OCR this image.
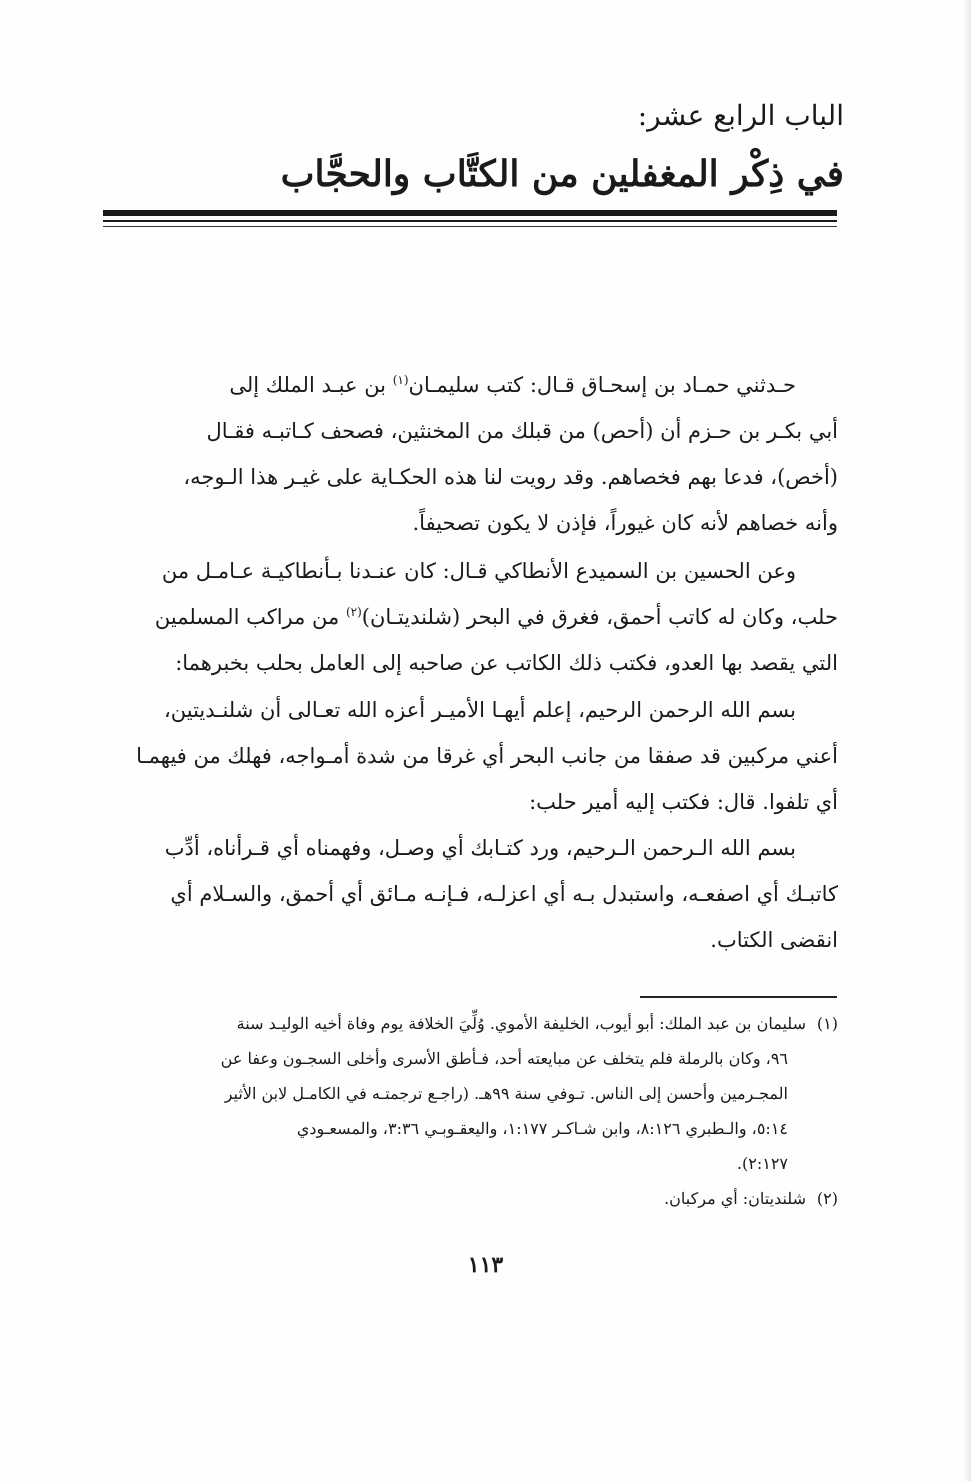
الباب الرابع عشر:
في ذِكْر المغفلين من الكتَّاب والحجَّاب
حـدثني حمـاد بن إسحـاق قـال: كتب سليمـان$^{(١)}$ بن عبـد الملك إلى
أبي بكـر بن حـزم أن (أحص) من قبلك من المخنثين، فصحف كـاتبـه فقـال
(أخص)، فدعا بهم فخصاهم. وقد رويت لنا هذه الحكـاية على غيـر هذا الـوجه،
وأنه خصاهم لأنه كان غيوراً، فإذن لا يكون تصحيفاً.
وعن الحسين بن السميدع الأنطاكي قـال: كان عنـدنا بـأنطاكيـة عـامـل من
حلب، وكان له كاتب أحمق، فغرق في البحر (شلنديتـان)$^{(٢)}$ من مراكب المسلمين
التي يقصد بها العدو، فكتب ذلك الكاتب عن صاحبه إلى العامل بحلب بخبرهما:
بسم الله الرحمن الرحيم، إعلم أيهـا الأميـر أعزه الله تعـالى أن شلنـديتين،
أعني مركبين قد صفقا من جانب البحر أي غرقا من شدة أمـواجه، فهلك من فيهمـا
أي تلفوا. قال: فكتب إليه أمير حلب:
بسم الله الـرحمن الـرحيم، ورد كتـابك أي وصـل، وفهمناه أي قـرأناه، أدِّب
كاتبـك أي اصفعـه، واستبدل بـه أي اعزلـه، فـإنـه مـائق أي أحمق، والسـلام أي
انقضى الكتاب.
(١)سليمان بن عبد الملك: أبو أيوب، الخليفة الأموي. وُلِّيَ الخلافة يوم وفاة أخيه الوليـد سنة
٩٦، وكان بالرملة فلم يتخلف عن مبايعته أحد، فـأطق الأسرى وأخلى السجـون وعفا عن
المجـرمين وأحسن إلى الناس. تـوفي سنة ٩٩هـ. (راجـع ترجمتـه في الكامـل لابن الأثير
٥:١٤، والـطبري ٨:١٢٦، وابن شـاكـر ١:١٧٧، واليعقـوبـي ٣:٣٦، والمسعـودي
٢:١٢٧).
(٢)شلنديتان: أي مركبان.
١١٣
